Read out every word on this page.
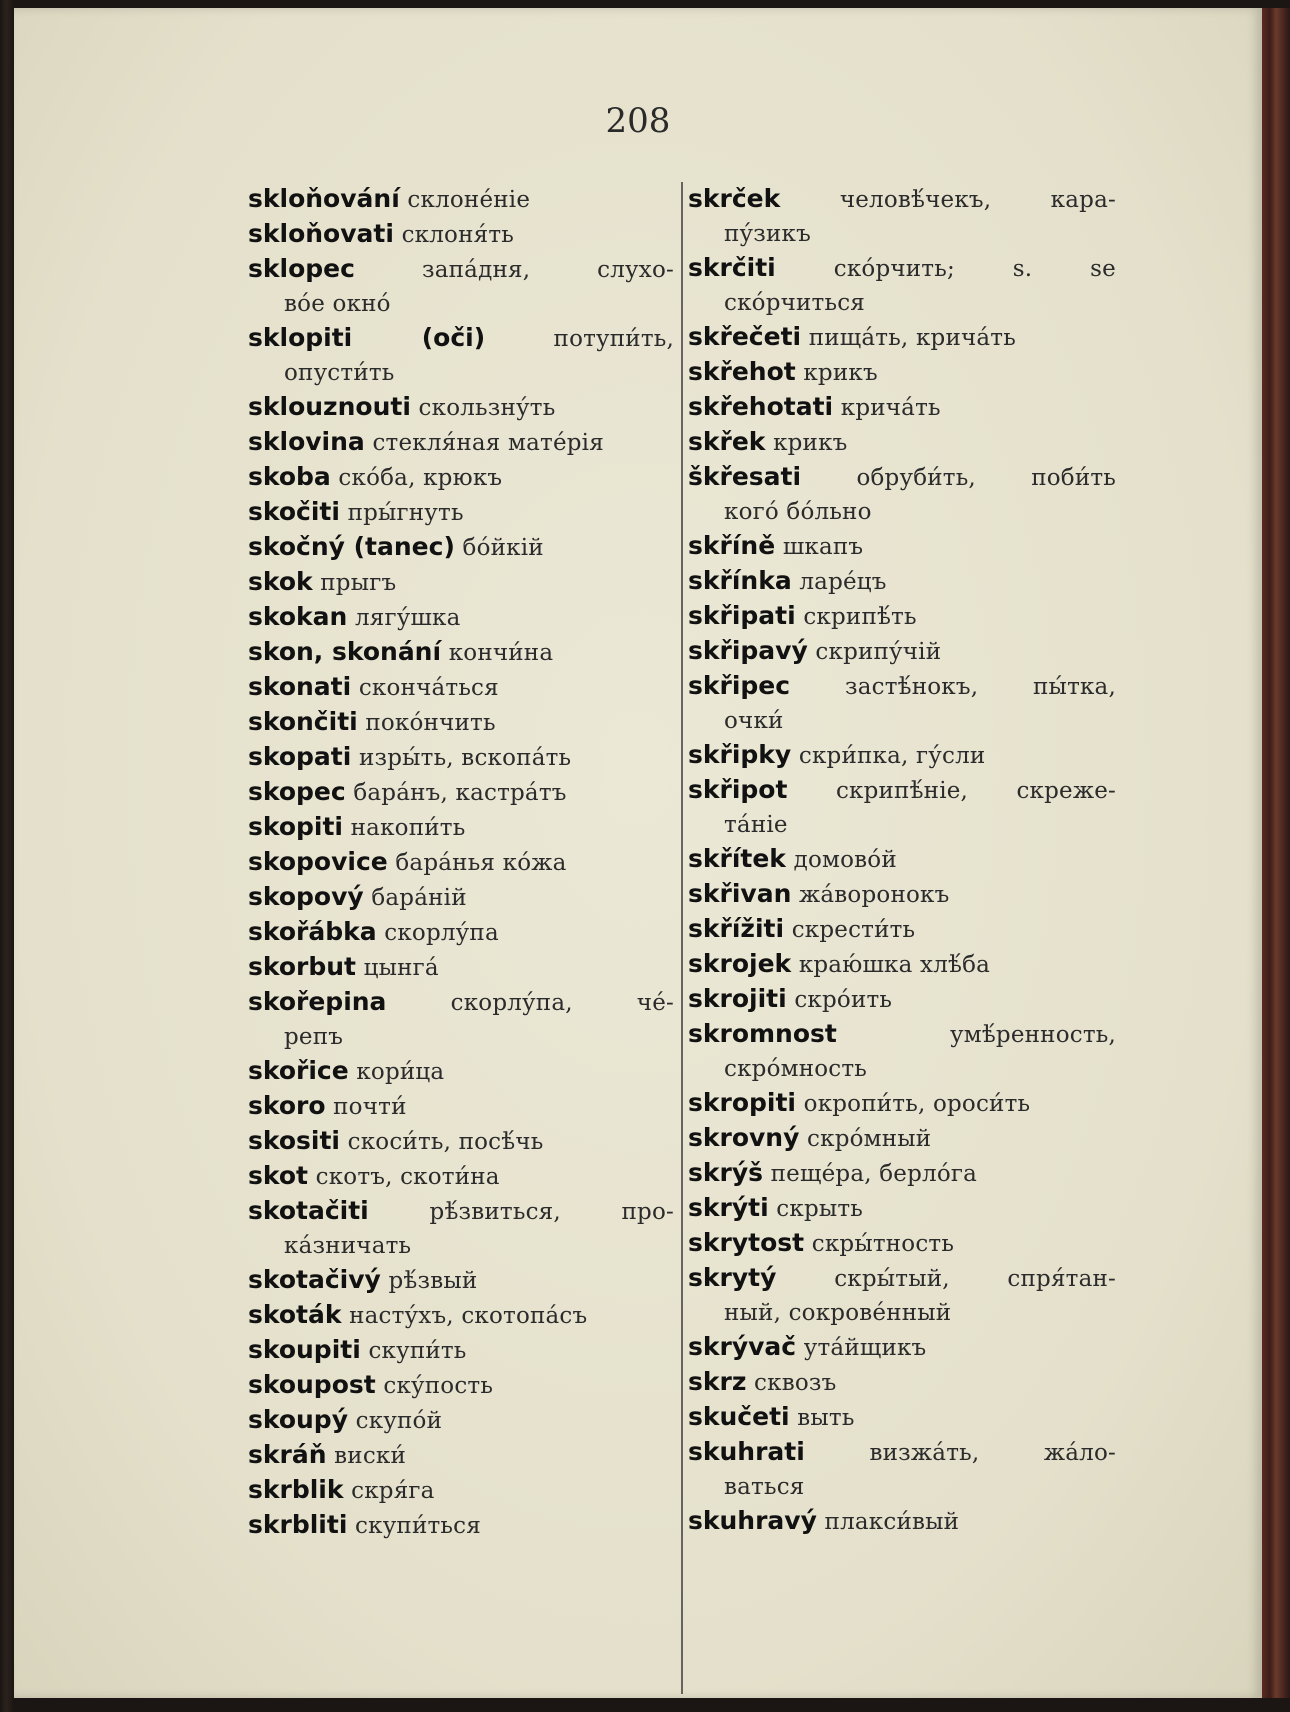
208
skloňování склоне́ніе
skloňovati склоня́ть
sklopec	запа́дня, слухо-
во́е окно́
sklopiti (oči)	потупи́ть,
опусти́ть
sklouznouti скользну́ть
sklovina стекля́ная мате́рія
skoba ско́ба, крюкъ
skočiti пры́гнуть
skočný (tanec) бо́йкій
skok прыгъ
skokan лягу́шка
skon, skonání кончи́на
skonati сконча́ться
skončiti поко́нчить
skopati изры́ть, вскопа́ть
skopec бара́нъ, кастра́тъ
skopiti накопи́ть
skopovice бара́нья ко́жа
skopový бара́ній
skořábka скорлу́па
skorbut цынга́
skořepina	скорлу́па, че́-
репъ
skořice кори́ца
skoro почти́
skositi скоси́ть, посѣ́чь
skot скотъ, скоти́на
skotačiti	рѣ́звиться, про-
ка́зничать
skotačivý рѣ́звый
skoták насту́хъ, скотопа́съ
skoupiti скупи́ть
skoupost ску́пость
skoupý скупо́й
skráň виски́
skrblik скря́га
skrbliti скупи́ться
skrček	человѣ́чекъ, кара-
пу́зикъ
skrčiti	ско́рчить; s. se
ско́рчиться
skřečeti пища́ть, крича́ть
skřehot крикъ
skřehotati крича́ть
skřek крикъ
škřesati обруби́ть, поби́ть
кого́ бо́льно
skříně шкапъ
skřínka ларе́цъ
skřipati скрипѣ́ть
skřipavý скрипу́чій
skřipec застѣ́нокъ, пы́тка,
очки́
skřipky скри́пка, гу́сли
skřipot скрипѣ́ніе, скреже-
та́ніе
skřítek домово́й
skřivan жа́воронокъ
skřížiti скрести́ть
skrojek краю́шка хлѣ́ба
skrojiti скро́ить
skromnost	умѣ́ренность,
скро́мность
skropiti окропи́ть, ороси́ть
skrovný скро́мный
skrýš пеще́ра, берло́га
skrýti скрыть
skrytost скры́тность
skrytý	скры́тый, спря́тан-
ный, сокрове́нный
skrývač ута́йщикъ
skrz сквозъ
skučeti выть
skuhrati	визжа́ть, жа́ло-
ваться
skuhravý плакси́вый
